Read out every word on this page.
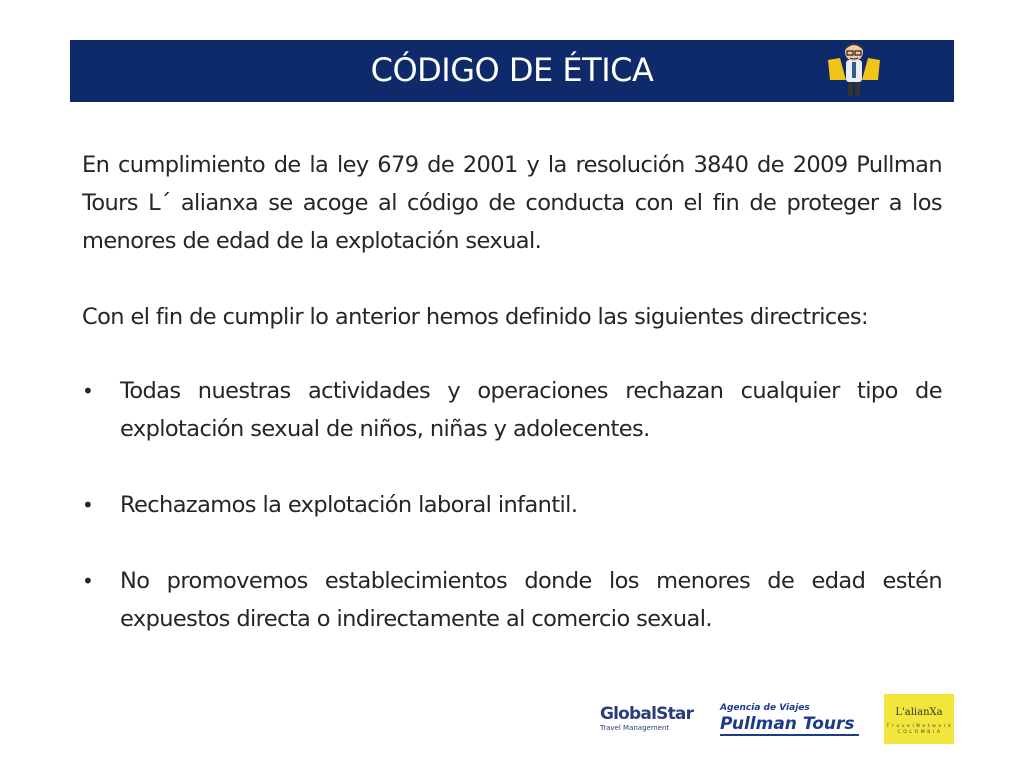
CÓDIGO DE ÉTICA

En cumplimiento de la ley 679 de 2001 y la resolución 3840 de 2009 Pullman Tours L´ alianxa se acoge al código de conducta con el fin de proteger a los menores de edad de la explotación sexual.

Con el fin de cumplir lo anterior hemos definido las siguientes directrices:

• Todas nuestras actividades y operaciones rechazan cualquier tipo de explotación sexual de niños, niñas y adolecentes.
• Rechazamos la explotación laboral infantil.
• No promovemos establecimientos donde los menores de edad estén expuestos directa o indirectamente al comercio sexual.
GlobalStar
Travel Management
Agencia de Viajes
Pullman Tours
L'alianXa
T r a v e l N e t w o r k
C O L O M B I A
